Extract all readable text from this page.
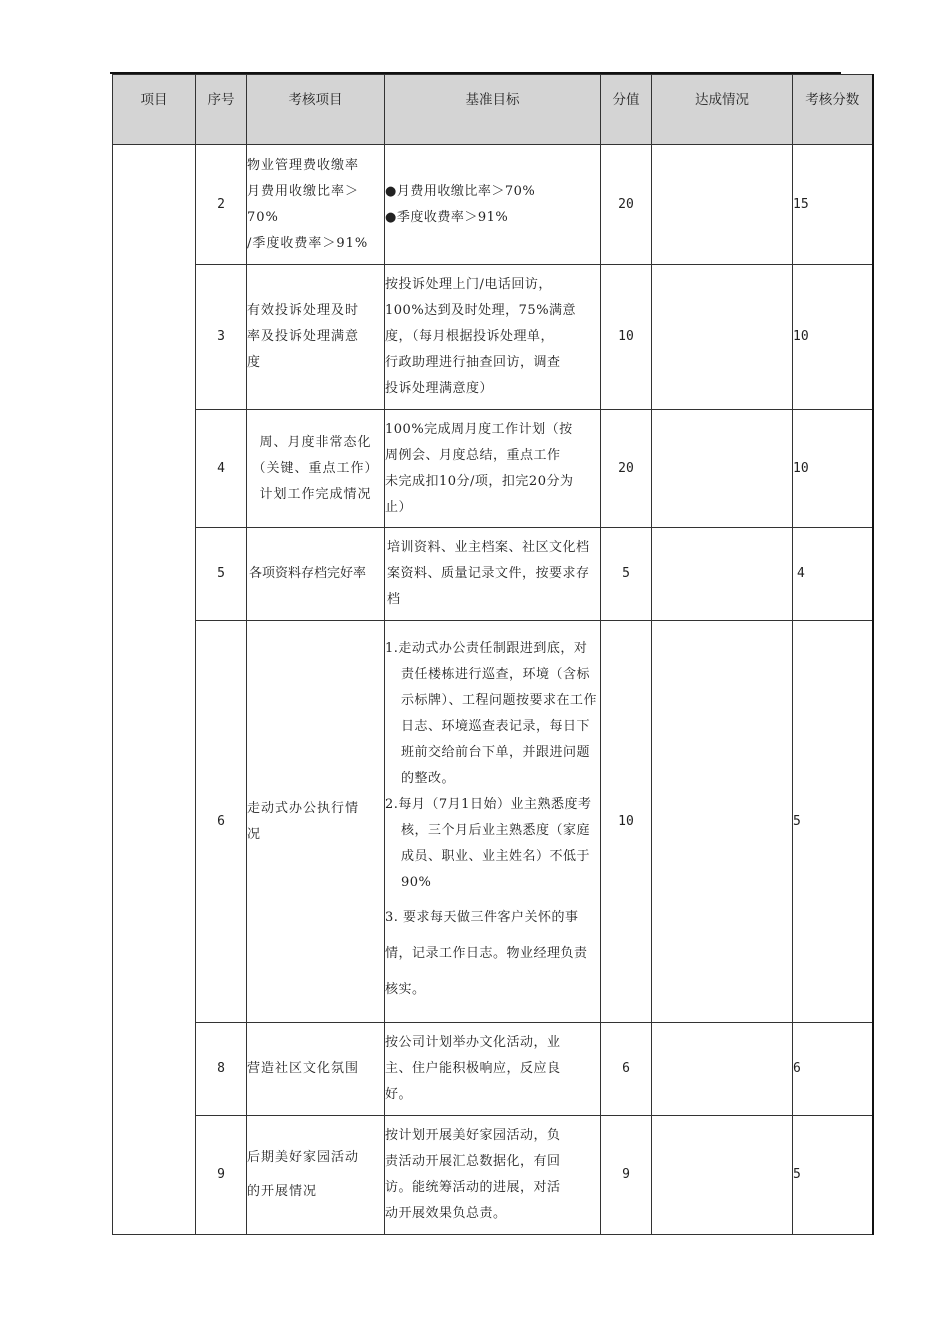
项目	序号	考核项目	基准目标	分值	达成情况	考核分数
	2	物业管理费收缴率
月费用收缴比率＞
70%
/季度收费率＞91%	●月费用收缴比率＞70%
●季度收费率＞91%	20		15
	3	有效投诉处理及时
率及投诉处理满意
度	按投诉处理上门/电话回访，
100%达到及时处理，75%满意
度，（每月根据投诉处理单，
行政助理进行抽查回访，调查
投诉处理满意度）	10		10
	4	周、月度非常态化
（关键、重点工作）
计划工作完成情况	100%完成周月度工作计划（按
周例会、月度总结，重点工作
未完成扣10分/项，扣完20分为
止）	20		10
	5	各项资料存档完好率	培训资料、业主档案、社区文化档
案资料、质量记录文件，按要求存
档	5		4
	6	走动式办公执行情
况	1.走动式办公责任制跟进到底，对责任楼栋进行巡查，环境（含标示标牌）、工程问题按要求在工作日志、环境巡查表记录，每日下班前交给前台下单，并跟进问题的整改。
2.每月（7月1日始）业主熟悉度考核，三个月后业主熟悉度（家庭成员、职业、业主姓名）不低于90%
3. 要求每天做三件客户关怀的事情，记录工作日志。物业经理负责核实。	10		5
	8	营造社区文化氛围	按公司计划举办文化活动，业
主、住户能积极响应，反应良
好。	6		6
	9	后期美好家园活动
的开展情况	按计划开展美好家园活动，负
责活动开展汇总数据化，有回
访。能统筹活动的进展，对活
动开展效果负总责。	9		5
